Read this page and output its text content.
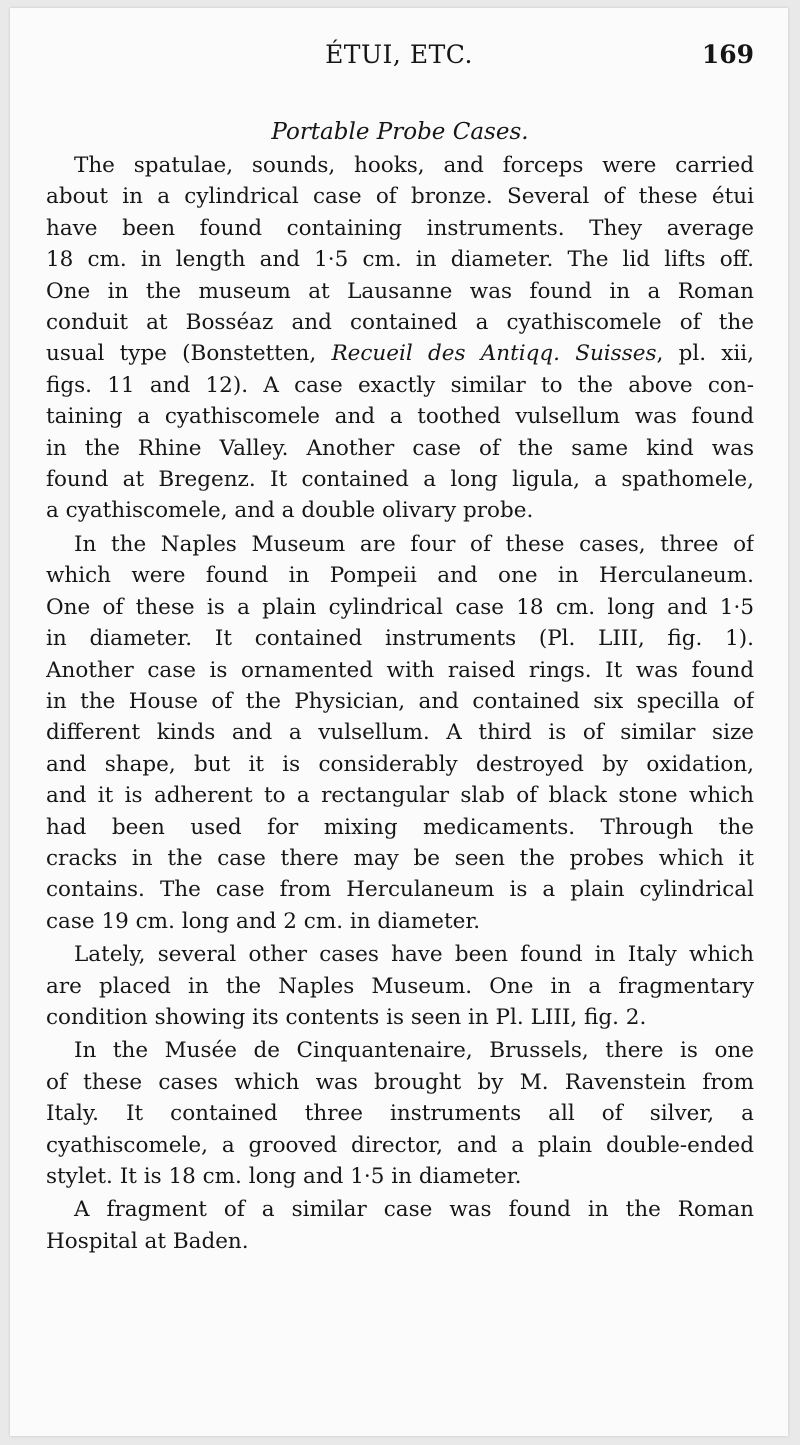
ÉTUI, ETC.	169
Portable Probe Cases.
The spatulae, sounds, hooks, and forceps were carried
about in a cylindrical case of bronze. Several of these étui
have been found containing instruments. They average
18 cm. in length and 1·5 cm. in diameter. The lid lifts off.
One in the museum at Lausanne was found in a Roman
conduit at Bosséaz and contained a cyathiscomele of the
usual type (Bonstetten, Recueil des Antiqq. Suisses, pl. xii,
figs. 11 and 12). A case exactly similar to the above con-
taining a cyathiscomele and a toothed vulsellum was found
in the Rhine Valley. Another case of the same kind was
found at Bregenz. It contained a long ligula, a spathomele,
a cyathiscomele, and a double olivary probe.
In the Naples Museum are four of these cases, three of
which were found in Pompeii and one in Herculaneum.
One of these is a plain cylindrical case 18 cm. long and 1·5
in diameter. It contained instruments (Pl. LIII, fig. 1).
Another case is ornamented with raised rings. It was found
in the House of the Physician, and contained six specilla of
different kinds and a vulsellum. A third is of similar size
and shape, but it is considerably destroyed by oxidation,
and it is adherent to a rectangular slab of black stone which
had been used for mixing medicaments. Through the
cracks in the case there may be seen the probes which it
contains. The case from Herculaneum is a plain cylindrical
case 19 cm. long and 2 cm. in diameter.
Lately, several other cases have been found in Italy which
are placed in the Naples Museum. One in a fragmentary
condition showing its contents is seen in Pl. LIII, fig. 2.
In the Musée de Cinquantenaire, Brussels, there is one
of these cases which was brought by M. Ravenstein from
Italy. It contained three instruments all of silver, a
cyathiscomele, a grooved director, and a plain double-ended
stylet. It is 18 cm. long and 1·5 in diameter.
A fragment of a similar case was found in the Roman
Hospital at Baden.
